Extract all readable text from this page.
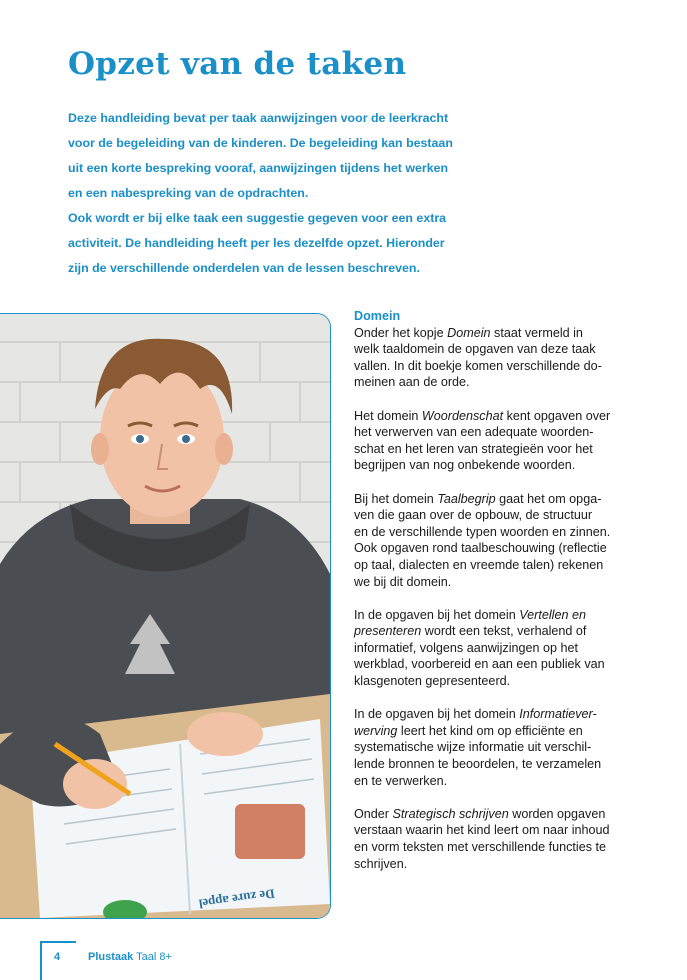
Opzet van de taken

Deze handleiding bevat per taak aanwijzingen voor de leerkracht

voor de begeleiding van de kinderen. De begeleiding kan bestaan

uit een korte bespreking vooraf, aanwijzingen tijdens het werken

en een nabespreking van de opdrachten.

Ook wordt er bij elke taak een suggestie gegeven voor een extra

activiteit. De handleiding heeft per les dezelfde opzet. Hieronder

zijn de verschillende onderdelen van de lessen beschreven.

De zure appel
Domein

Onder het kopje Domein staat vermeld in
welk taaldomein de opgaven van deze taak
vallen. In dit boekje komen verschillende do-
meinen aan de orde.

Het domein Woordenschat kent opgaven over
het verwerven van een adequate woorden-
schat en het leren van strategieën voor het
begrijpen van nog onbekende woorden.

Bij het domein Taalbegrip gaat het om opga-
ven die gaan over de opbouw, de structuur
en de verschillende typen woorden en zinnen.
Ook opgaven rond taalbeschouwing (reflectie
op taal, dialecten en vreemde talen) rekenen
we bij dit domein.

In de opgaven bij het domein Vertellen en
presenteren wordt een tekst, verhalend of
informatief, volgens aanwijzingen op het
werkblad, voorbereid en aan een publiek van
klasgenoten gepresenteerd.

In de opgaven bij het domein Informatiever-
werving leert het kind om op efficiënte en
systematische wijze informatie uit verschil-
lende bronnen te beoordelen, te verzamelen
en te verwerken.

Onder Strategisch schrijven worden opgaven
verstaan waarin het kind leert om naar inhoud
en vorm teksten met verschillende functies te
schrijven.

4	Plustaak Taal 8+
